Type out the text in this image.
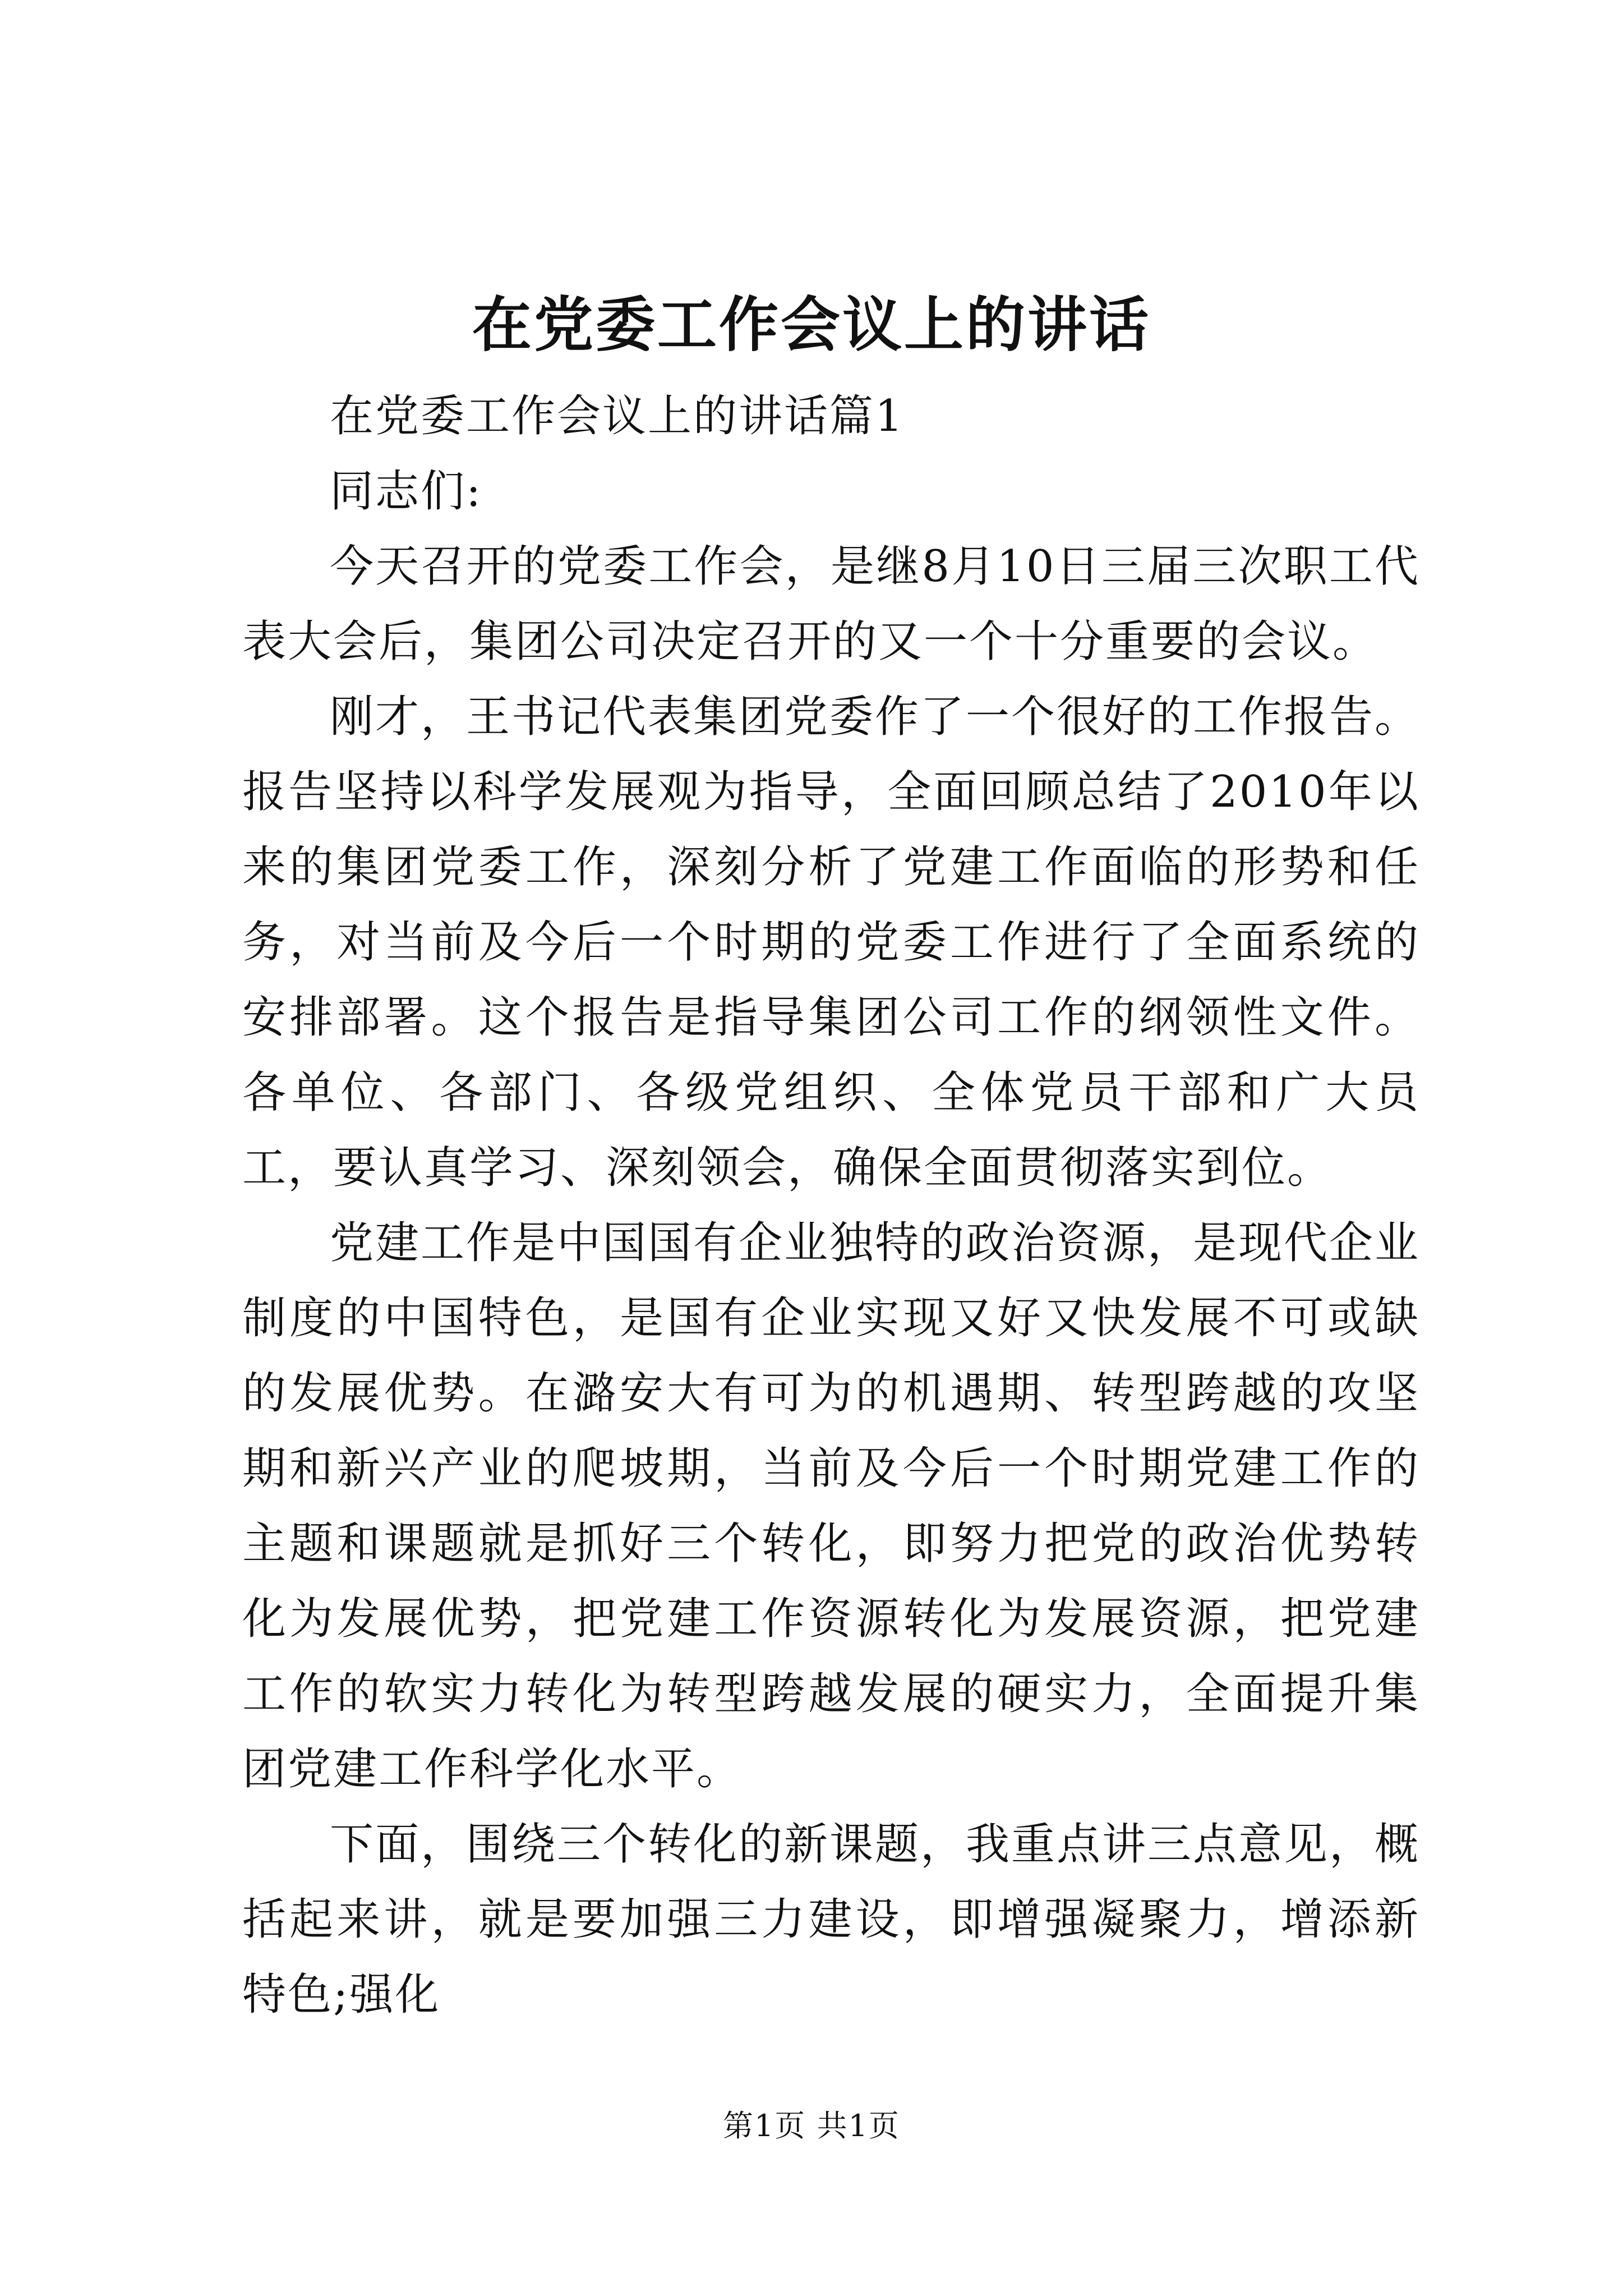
在党委工作会议上的讲话

在党委工作会议上的讲话篇1

同志们:

今天召开的党委工作会，是继8月10日三届三次职工代表大会后，集团公司决定召开的又一个十分重要的会议。

刚才，王书记代表集团党委作了一个很好的工作报告。报告坚持以科学发展观为指导，全面回顾总结了2010年以来的集团党委工作，深刻分析了党建工作面临的形势和任务，对当前及今后一个时期的党委工作进行了全面系统的安排部署。这个报告是指导集团公司工作的纲领性文件。各单位、各部门、各级党组织、全体党员干部和广大员工，要认真学习、深刻领会，确保全面贯彻落实到位。

党建工作是中国国有企业独特的政治资源，是现代企业制度的中国特色，是国有企业实现又好又快发展不可或缺的发展优势。在潞安大有可为的机遇期、转型跨越的攻坚期和新兴产业的爬坡期，当前及今后一个时期党建工作的主题和课题就是抓好三个转化，即努力把党的政治优势转化为发展优势，把党建工作资源转化为发展资源，把党建工作的软实力转化为转型跨越发展的硬实力，全面提升集团党建工作科学化水平。

下面，围绕三个转化的新课题，我重点讲三点意见，概括起来讲，就是要加强三力建设，即增强凝聚力，增添新特色;强化

第1页 共1页
